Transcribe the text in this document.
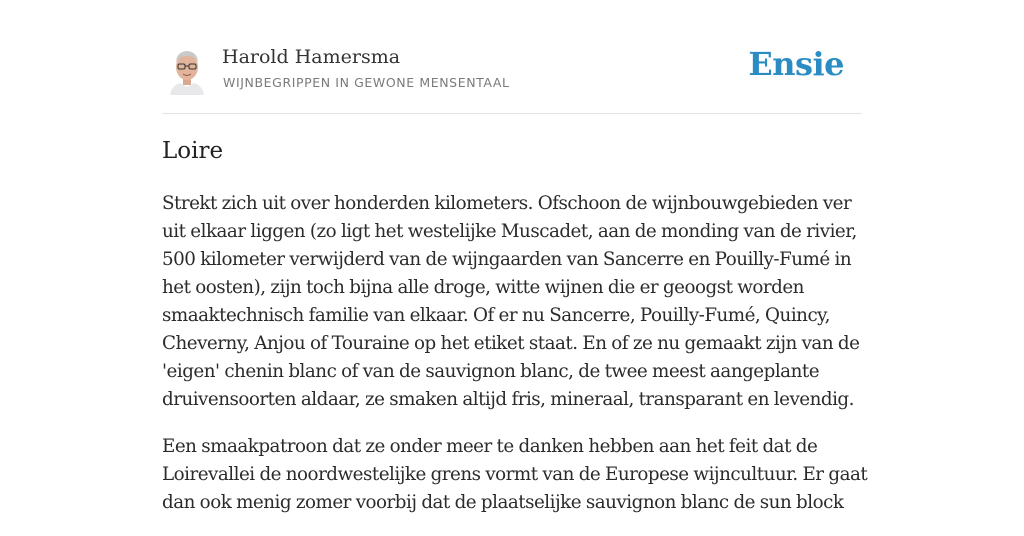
Harold Hamersma
WIJNBEGRIPPEN IN GEWONE MENSENTAAL	Ensie
Loire

Strekt zich uit over honderden kilometers. Ofschoon de wijnbouwgebieden ver
uit elkaar liggen (zo ligt het westelijke Muscadet, aan de monding van de rivier,
500 kilometer verwijderd van de wijngaarden van Sancerre en Pouilly-Fumé in
het oosten), zijn toch bijna alle droge, witte wijnen die er geoogst worden
smaaktechnisch familie van elkaar. Of er nu Sancerre, Pouilly-Fumé, Quincy,
Cheverny, Anjou of Touraine op het etiket staat. En of ze nu gemaakt zijn van de
'eigen' chenin blanc of van de sauvignon blanc, de twee meest aangeplante
druivensoorten aldaar, ze smaken altijd fris, mineraal, transparant en levendig.

Een smaakpatroon dat ze onder meer te danken hebben aan het feit dat de
Loirevallei de noordwestelijke grens vormt van de Europese wijncultuur. Er gaat
dan ook menig zomer voorbij dat de plaatselijke sauvignon blanc de sun block
